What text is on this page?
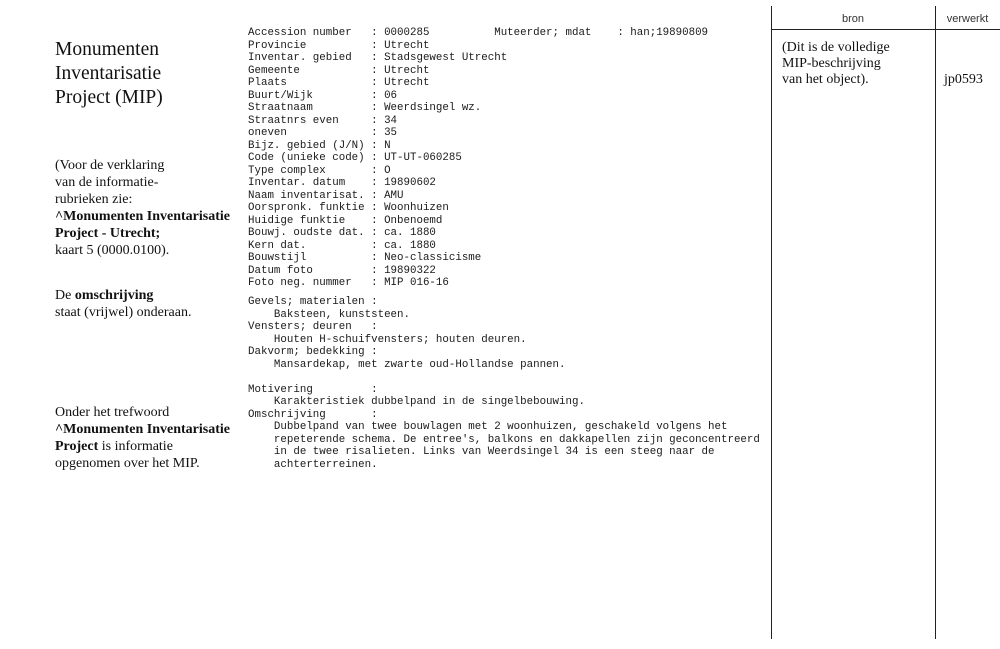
Monumenten
Inventarisatie
Project (MIP)
(Voor de verklaring
van de informatie-
rubrieken zie:
^Monumenten Inventarisatie
Project - Utrecht;
kaart 5 (0000.0100).
De omschrijving
staat (vrijwel) onderaan.
Onder het trefwoord
^Monumenten Inventarisatie
Project is informatie
opgenomen over het MIP.
Accession number   : 0000285          Muteerder; mdat    : han;19890809
Provincie          : Utrecht
Inventar. gebied   : Stadsgewest Utrecht
Gemeente           : Utrecht
Plaats             : Utrecht
Buurt/Wijk         : 06
Straatnaam         : Weerdsingel wz.
Straatnrs even     : 34
oneven             : 35
Bijz. gebied (J/N) : N
Code (unieke code) : UT-UT-060285
Type complex       : O
Inventar. datum    : 19890602
Naam inventarisat. : AMU
Oorspronk. funktie : Woonhuizen
Huidige funktie    : Onbenoemd
Bouwj. oudste dat. : ca. 1880
Kern dat.          : ca. 1880
Bouwstijl          : Neo-classicisme
Datum foto         : 19890322
Foto neg. nummer   : MIP 016-16
Gevels; materialen :
Baksteen, kunststeen.
Vensters; deuren   :
Houten H-schuifvensters; houten deuren.
Dakvorm; bedekking :
Mansardekap, met zwarte oud-Hollandse pannen.
Motivering         :
Karakteristiek dubbelpand in de singelbebouwing.
Omschrijving       :
Dubbelpand van twee bouwlagen met 2 woonhuizen, geschakeld volgens het
repeterende schema. De entree's, balkons en dakkapellen zijn geconcentreerd
in de twee risalieten. Links van Weerdsingel 34 is een steeg naar de
achterterreinen.
bron	verwerkt
(Dit is de volledige
MIP-beschrijving
van het object).	jp0593
